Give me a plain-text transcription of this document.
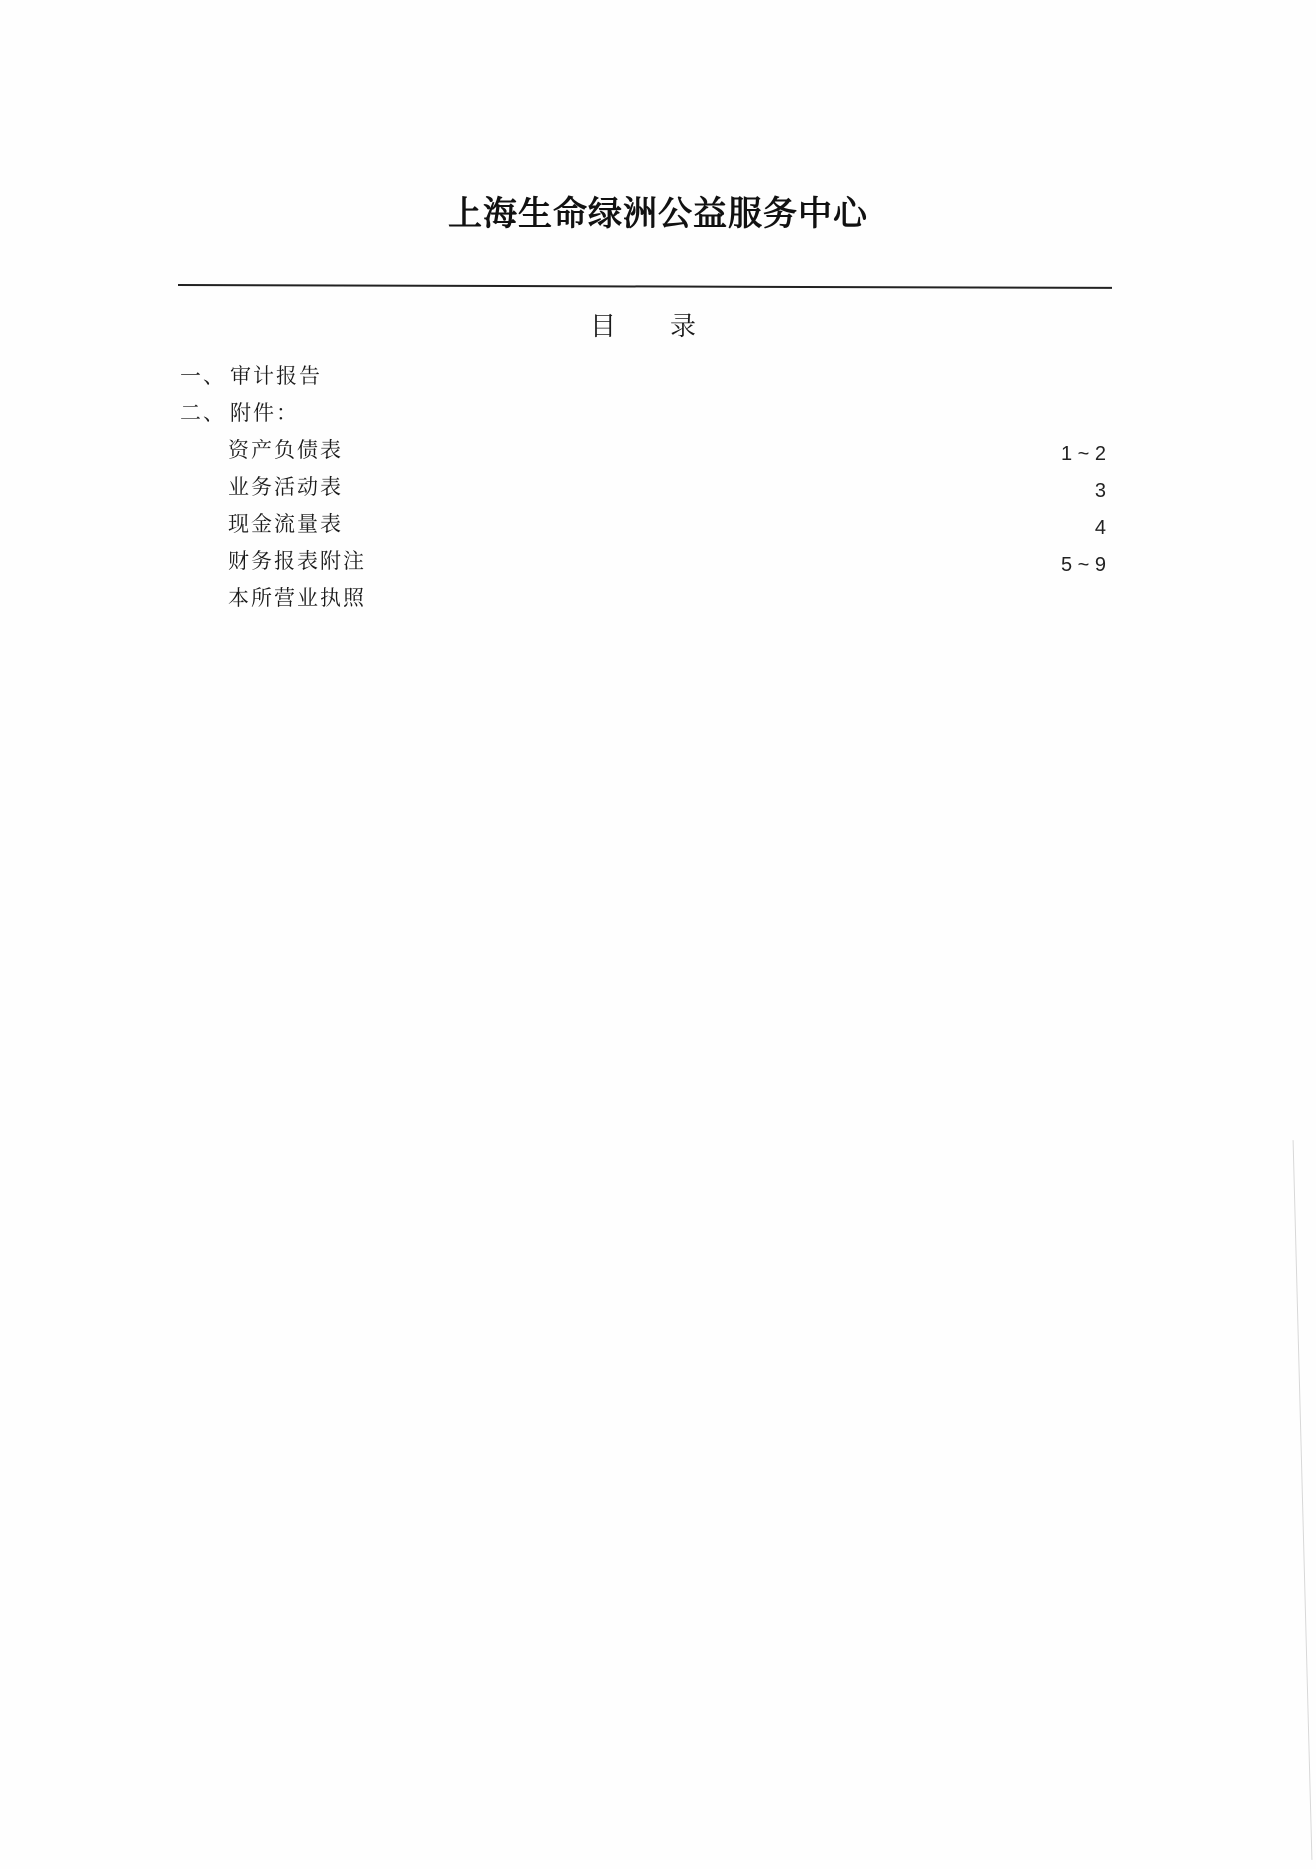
上海生命绿洲公益服务中心
目　录
一、 审计报告
二、 附件：
资产负债表	1 ~ 2
业务活动表	3
现金流量表	4
财务报表附注	5 ~ 9
本所营业执照
